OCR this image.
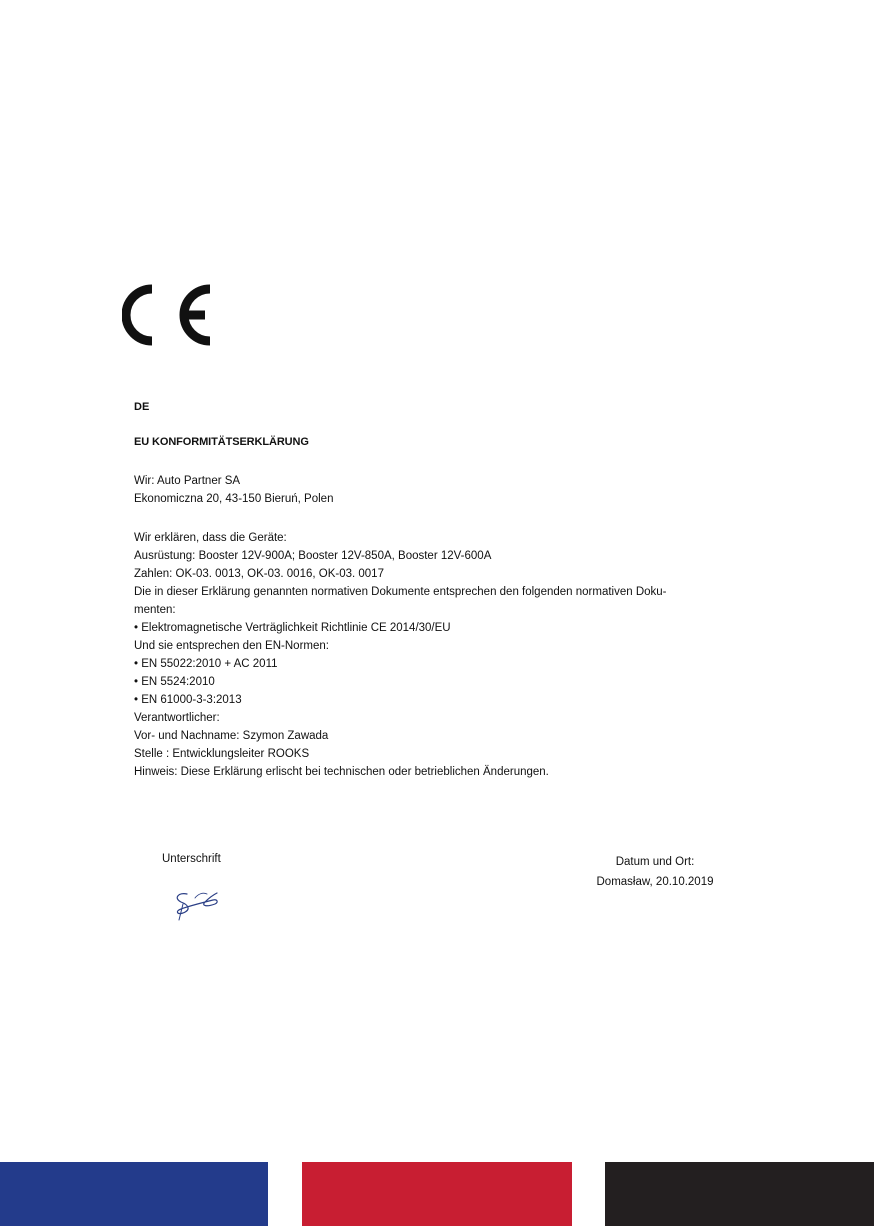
DE
EU KONFORMITÄTSERKLÄRUNG
Wir: Auto Partner SA
Ekonomiczna 20, 43-150 Bieruń, Polen
Wir erklären, dass die Geräte:
Ausrüstung: Booster 12V-900A; Booster 12V-850A, Booster 12V-600A
Zahlen: OK-03. 0013, OK-03. 0016, OK-03. 0017
Die in dieser Erklärung genannten normativen Dokumente entsprechen den folgenden normativen Doku-
menten:
• Elektromagnetische Verträglichkeit Richtlinie CE 2014/30/EU
Und sie entsprechen den EN-Normen:
• EN 55022:2010 + AC 2011
• EN 5524:2010
• EN 61000-3-3:2013
Verantwortlicher:
Vor- und Nachname: Szymon Zawada
Stelle : Entwicklungsleiter ROOKS
Hinweis: Diese Erklärung erlischt bei technischen oder betrieblichen Änderungen.
Unterschrift	Datum und Ort:
Domasław, 20.10.2019
